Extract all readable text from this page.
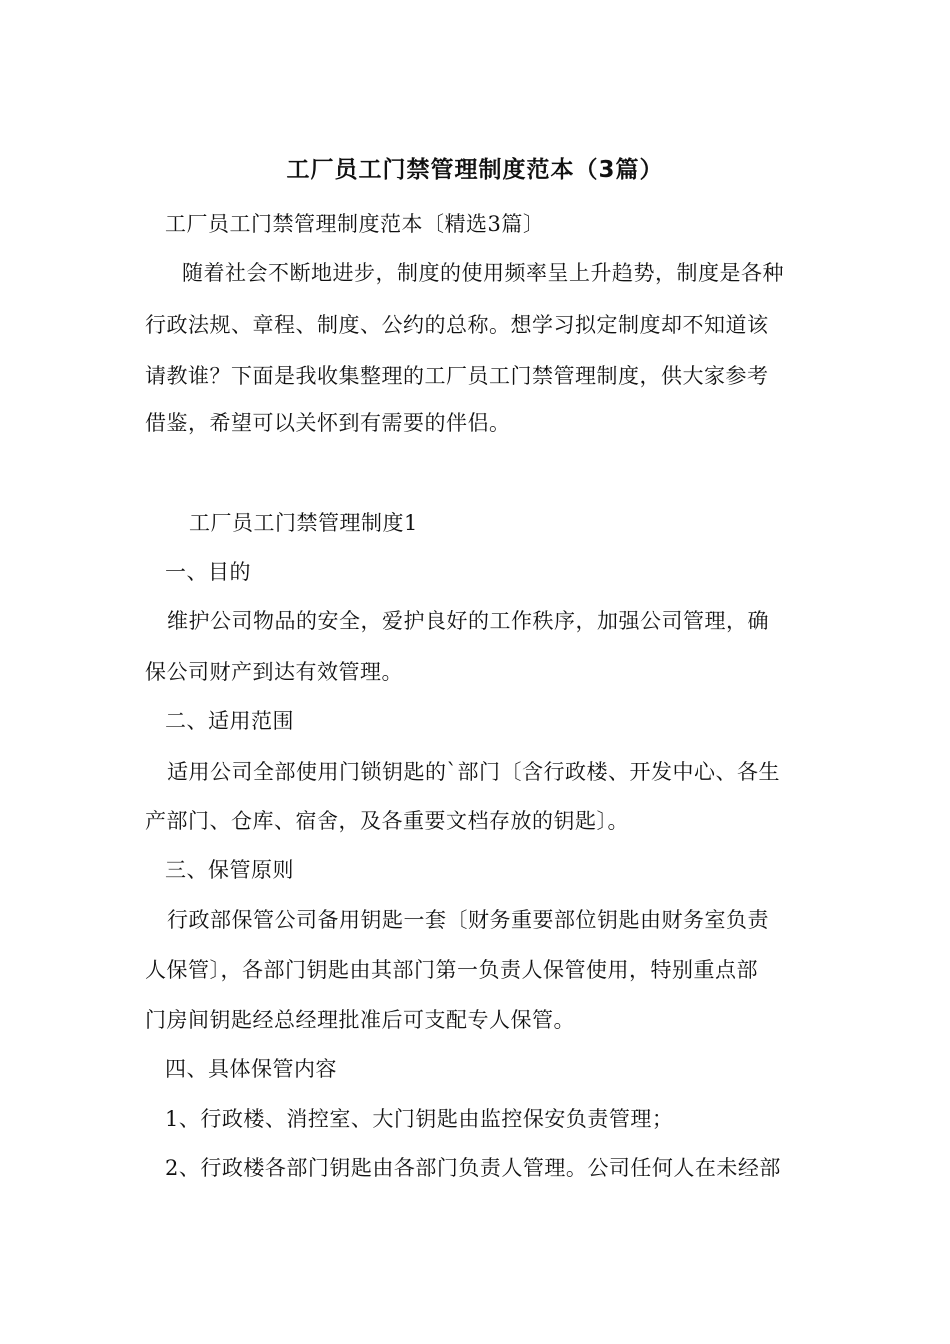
工厂员工门禁管理制度范本（3篇）
工厂员工门禁管理制度范本〔精选3篇〕
随着社会不断地进步，制度的使用频率呈上升趋势，制度是各种
行政法规、章程、制度、公约的总称。想学习拟定制度却不知道该
请教谁？下面是我收集整理的工厂员工门禁管理制度，供大家参考
借鉴，希望可以关怀到有需要的伴侣。
工厂员工门禁管理制度1
一、目的
维护公司物品的安全，爱护良好的工作秩序，加强公司管理，确
保公司财产到达有效管理。
二、适用范围
适用公司全部使用门锁钥匙的`部门〔含行政楼、开发中心、各生
产部门、仓库、宿舍，及各重要文档存放的钥匙〕。
三、保管原则
行政部保管公司备用钥匙一套〔财务重要部位钥匙由财务室负责
人保管〕，各部门钥匙由其部门第一负责人保管使用，特别重点部
门房间钥匙经总经理批准后可支配专人保管。
四、具体保管内容
1、行政楼、消控室、大门钥匙由监控保安负责管理；
2、行政楼各部门钥匙由各部门负责人管理。公司任何人在未经部
